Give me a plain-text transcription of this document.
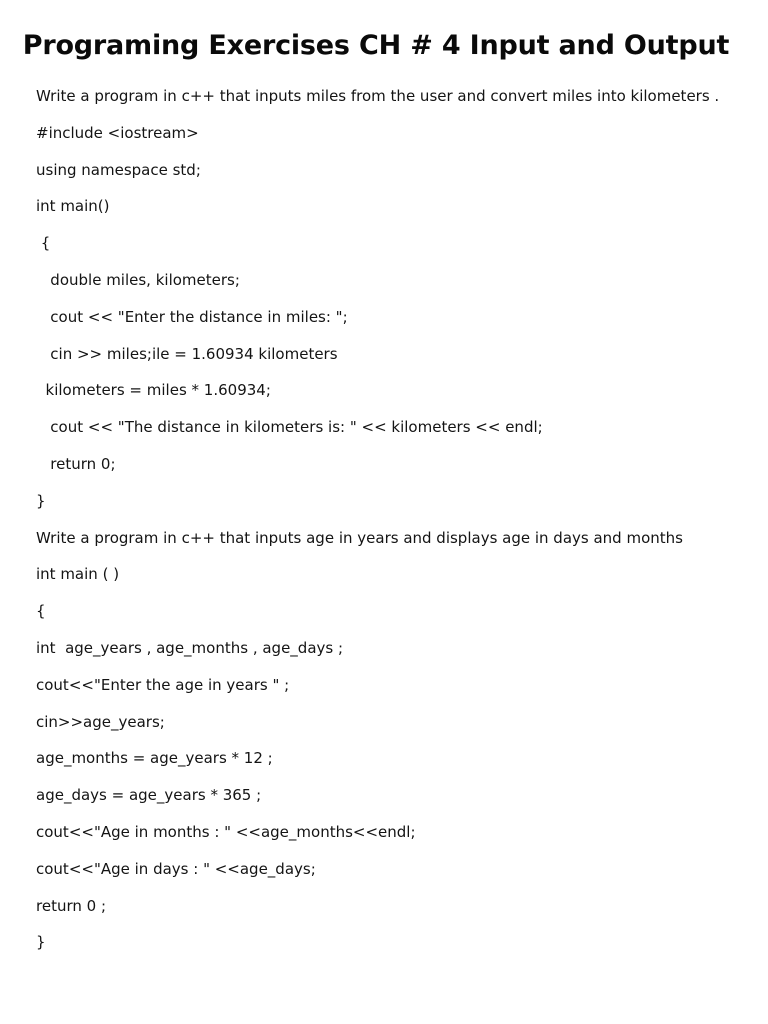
Programing Exercises CH # 4 Input and Output
Write a program in c++ that inputs miles from the user and convert miles into kilometers .
#include <iostream>
using namespace std;
int main()
{
double miles, kilometers;
cout << "Enter the distance in miles: ";
cin >> miles;ile = 1.60934 kilometers
kilometers = miles * 1.60934;
cout << "The distance in kilometers is: " << kilometers << endl;
return 0;
}
Write a program in c++ that inputs age in years and displays age in days and months
int main ( )
{
int  age_years , age_months , age_days ;
cout<<"Enter the age in years " ;
cin>>age_years;
age_months = age_years * 12 ;
age_days = age_years * 365 ;
cout<<"Age in months : " <<age_months<<endl;
cout<<"Age in days : " <<age_days;
return 0 ;
}
